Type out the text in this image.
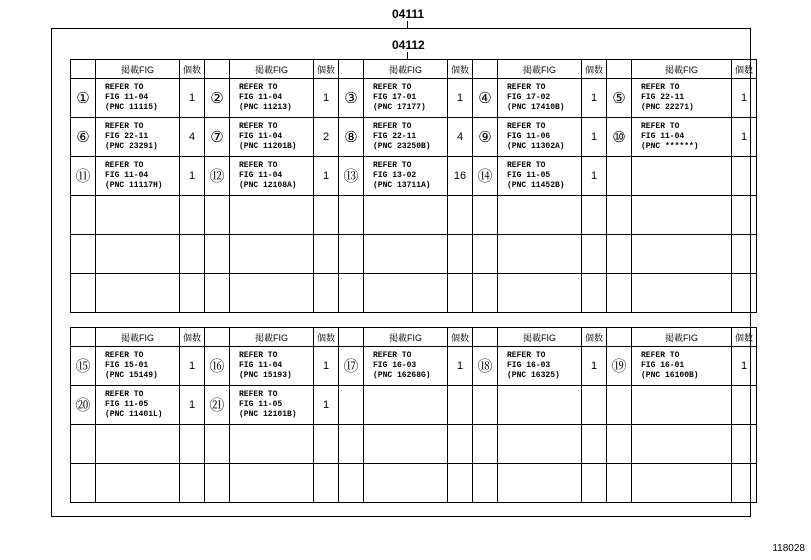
04111
04112
	掲載FIG	個数		掲載FIG	個数		掲載FIG	個数		掲載FIG	個数		掲載FIG	個数
①	REFER TO
FIG 11-04
(PNC 11115)	1	②	REFER TO
FIG 11-04
(PNC 11213)	1	③	REFER TO
FIG 17-01
(PNC 17177)	1	④	REFER TO
FIG 17-02
(PNC 17410B)	1	⑤	REFER TO
FIG 22-11
(PNC 22271)	1
⑥	REFER TO
FIG 22-11
(PNC 23291)	4	⑦	REFER TO
FIG 11-04
(PNC 11201B)	2	⑧	REFER TO
FIG 22-11
(PNC 23250B)	4	⑨	REFER TO
FIG 11-06
(PNC 11302A)	1	⑩	REFER TO
FIG 11-04
(PNC ******)	1
⑪	REFER TO
FIG 11-04
(PNC 11117H)	1	⑫	REFER TO
FIG 11-04
(PNC 12108A)	1	⑬	REFER TO
FIG 13-02
(PNC 13711A)	16	⑭	REFER TO
FIG 11-05
(PNC 11452B)	1			

	掲載FIG	個数		掲載FIG	個数		掲載FIG	個数		掲載FIG	個数		掲載FIG	個数
⑮	REFER TO
FIG 15-01
(PNC 15149)	1	⑯	REFER TO
FIG 11-04
(PNC 15193)	1	⑰	REFER TO
FIG 16-03
(PNC 16268G)	1	⑱	REFER TO
FIG 16-03
(PNC 16325)	1	⑲	REFER TO
FIG 16-01
(PNC 16100B)	1
⑳	REFER TO
FIG 11-05
(PNC 11401L)	1	㉑	REFER TO
FIG 11-05
(PNC 12101B)	1									

118028
